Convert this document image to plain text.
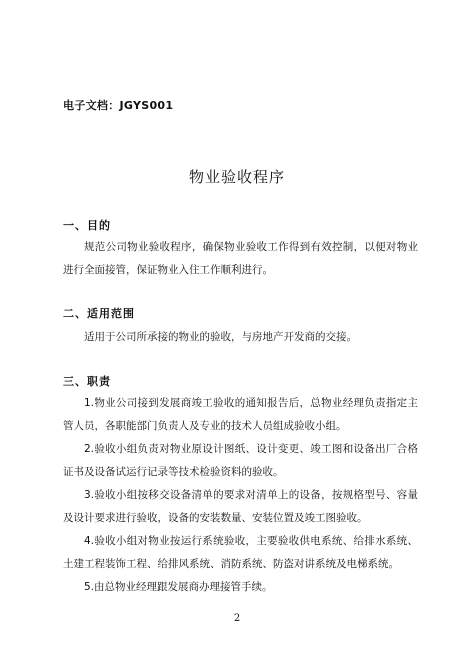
电子文档：JGYS001
物业验收程序
一、目的
规范公司物业验收程序，确保物业验收工作得到有效控制，以便对物业进行全面接管，保证物业入住工作顺利进行。
二、适用范围
适用于公司所承接的物业的验收，与房地产开发商的交接。
三、职责
1.物业公司接到发展商竣工验收的通知报告后，总物业经理负责指定主管人员，各职能部门负责人及专业的技术人员组成验收小组。
2.验收小组负责对物业原设计图纸、设计变更、竣工图和设备出厂合格证书及设备试运行记录等技术检验资料的验收。
3.验收小组按移交设备清单的要求对清单上的设备，按规格型号、容量及设计要求进行验收，设备的安装数量、安装位置及竣工图验收。
4.验收小组对物业按运行系统验收，主要验收供电系统、给排水系统、土建工程装饰工程、给排风系统、消防系统、防盗对讲系统及电梯系统。
5.由总物业经理跟发展商办理接管手续。
2
